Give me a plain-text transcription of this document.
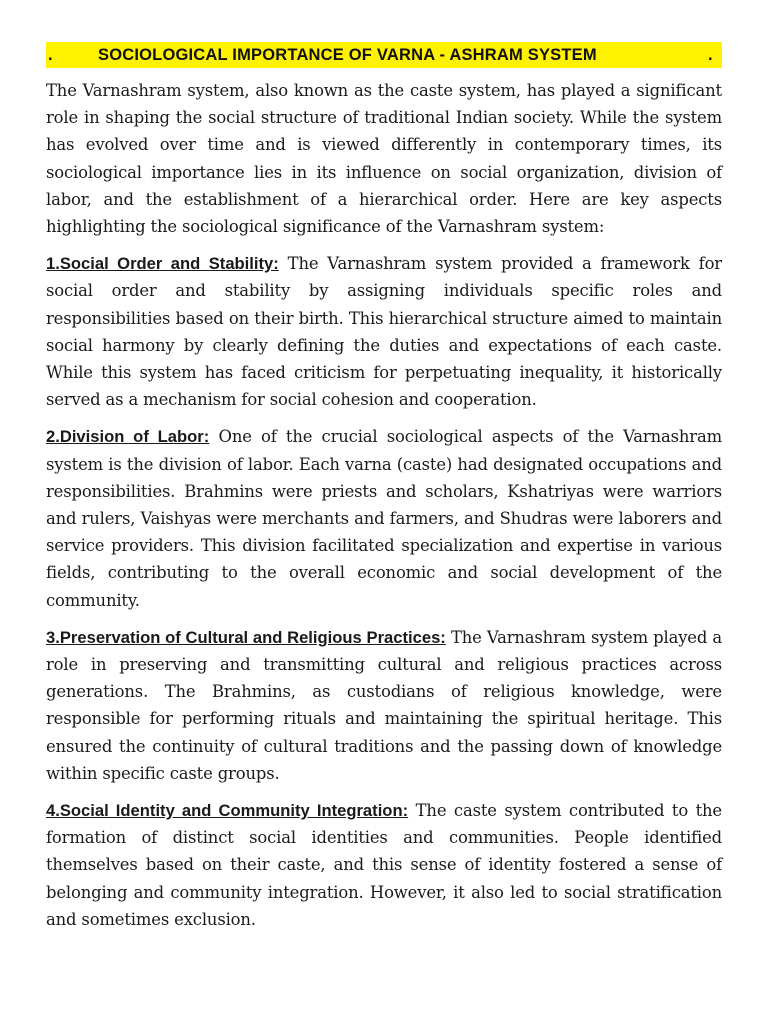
.	SOCIOLOGICAL IMPORTANCE OF VARNA - ASHRAM SYSTEM	.

The Varnashram system, also known as the caste system, has played a significant role in shaping the social structure of traditional Indian society. While the system has evolved over time and is viewed differently in contemporary times, its sociological importance lies in its influence on social organization, division of labor, and the establishment of a hierarchical order. Here are key aspects highlighting the sociological significance of the Varnashram system:

1.Social Order and Stability: The Varnashram system provided a framework for social order and stability by assigning individuals specific roles and responsibilities based on their birth. This hierarchical structure aimed to maintain social harmony by clearly defining the duties and expectations of each caste. While this system has faced criticism for perpetuating inequality, it historically served as a mechanism for social cohesion and cooperation.

2.Division of Labor: One of the crucial sociological aspects of the Varnashram system is the division of labor. Each varna (caste) had designated occupations and responsibilities. Brahmins were priests and scholars, Kshatriyas were warriors and rulers, Vaishyas were merchants and farmers, and Shudras were laborers and service providers. This division facilitated specialization and expertise in various fields, contributing to the overall economic and social development of the community.

3.Preservation of Cultural and Religious Practices: The Varnashram system played a role in preserving and transmitting cultural and religious practices across generations. The Brahmins, as custodians of religious knowledge, were responsible for performing rituals and maintaining the spiritual heritage. This ensured the continuity of cultural traditions and the passing down of knowledge within specific caste groups.

4.Social Identity and Community Integration: The caste system contributed to the formation of distinct social identities and communities. People identified themselves based on their caste, and this sense of identity fostered a sense of belonging and community integration. However, it also led to social stratification and sometimes exclusion.
